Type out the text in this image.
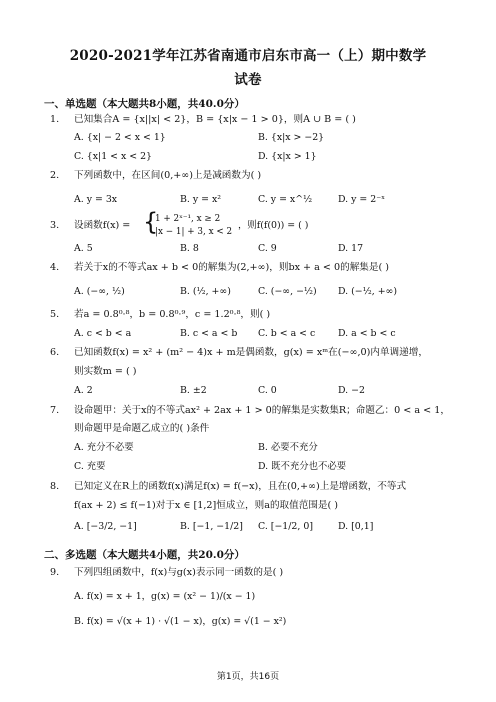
2020-2021学年江苏省南通市启东市高一（上）期中数学
试卷
一、单选题（本大题共8小题，共40.0分）
1. 已知集合A = {x||x| < 2}，B = {x|x − 1 > 0}，则A ∪ B = ( )
A. {x| − 2 < x < 1}	B. {x|x > −2}
C. {x|1 < x < 2}	D. {x|x > 1}
2. 下列函数中，在区间(0,+∞)上是减函数为( )
A. y = 3x	B. y = x²	C. y = x^½	D. y = 2⁻ˣ
3. 设函数f(x) = {
1 + 2ˣ⁻¹, x ≥ 2
|x − 1| + 3, x < 2
，则f(f(0)) = ( )
A. 5	B. 8	C. 9	D. 17
4. 若关于x的不等式ax + b < 0的解集为(2,+∞)，则bx + a < 0的解集是( )
A. (−∞, ½)	B. (½, +∞)	C. (−∞, −½) D. (−½, +∞)
5. 若a = 0.8⁰·⁸，b = 0.8⁰·⁹，c = 1.2⁰·⁸，则( )
A. c < b < a	B. c < a < b C. b < a < c D. a < b < c
6. 已知函数f(x) = x² + (m² − 4)x + m是偶函数，g(x) = xᵐ在(−∞,0)内单调递增，
则实数m = ( )
A. 2	B. ±2	C. 0	D. −2
7. 设命题甲：关于x的不等式ax² + 2ax + 1 > 0的解集是实数集R；命题乙：0 < a < 1，
则命题甲是命题乙成立的( )条件
A. 充分不必要	B. 必要不充分
C. 充要	D. 既不充分也不必要
8. 已知定义在R上的函数f(x)满足f(x) = f(−x)，且在(0,+∞)上是增函数，不等式
f(ax + 2) ≤ f(−1)对于x ∈ [1,2]恒成立，则a的取值范围是( )
A. [−3/2, −1]	B. [−1, −1/2] C. [−1/2, 0]	D. [0,1]
二、多选题（本大题共4小题，共20.0分）
9. 下列四组函数中，f(x)与g(x)表示同一函数的是( )
A. f(x) = x + 1，g(x) = (x² − 1)/(x − 1)
B. f(x) = √(x + 1) · √(1 − x)，g(x) = √(1 − x²)
第1页，共16页
